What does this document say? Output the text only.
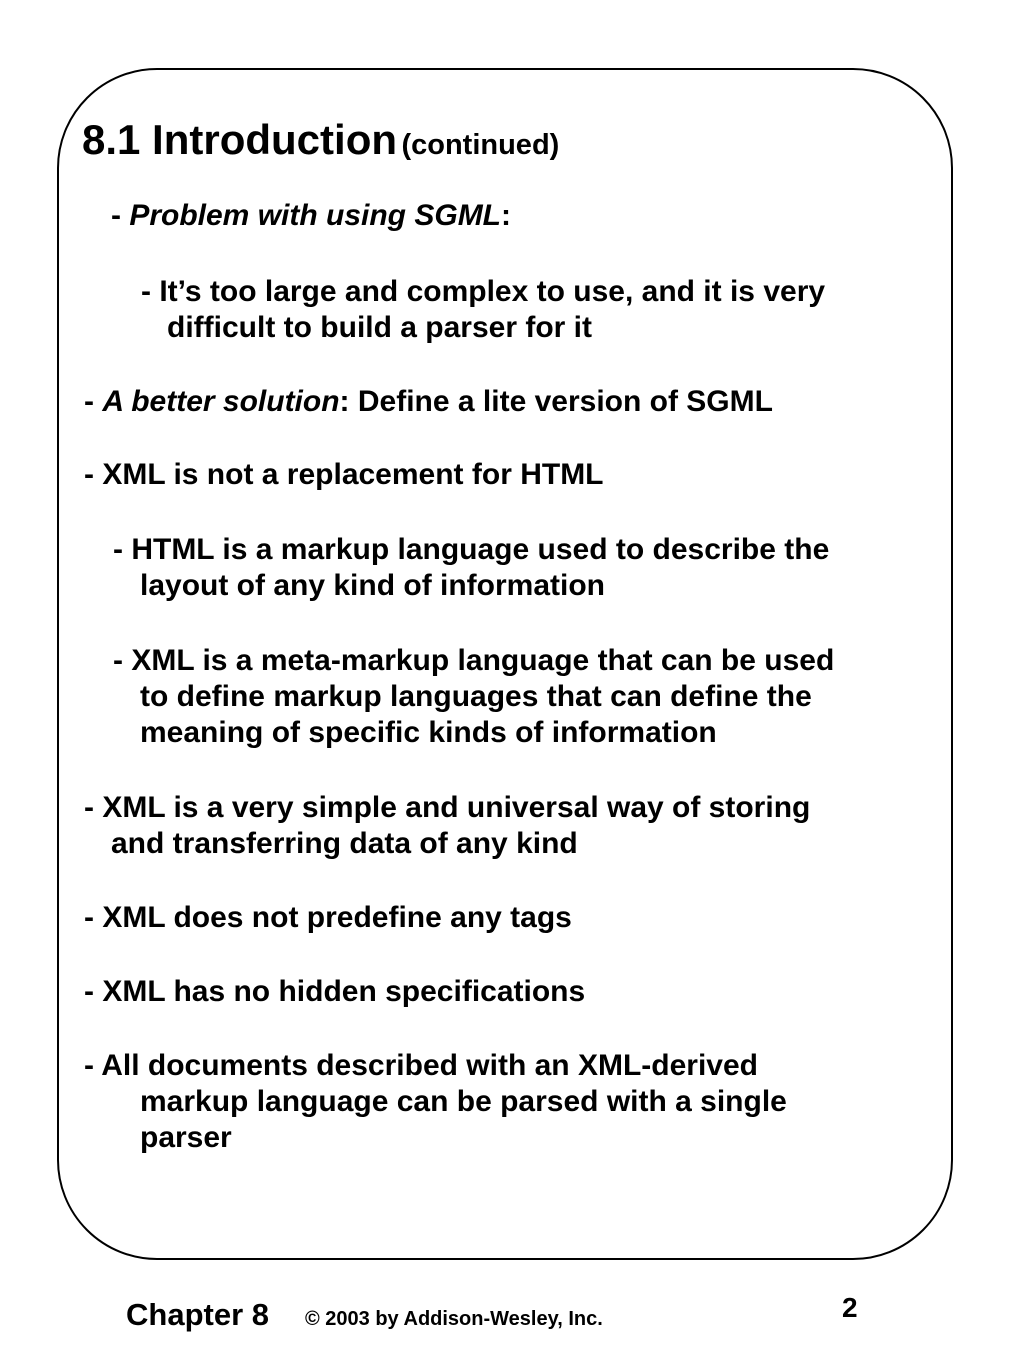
8.1 Introduction (continued)
- Problem with using SGML:
- It’s too large and complex to use, and it is very
difficult to build a parser for it
- A better solution: Define a lite version of SGML
- XML is not a replacement for HTML
- HTML is a markup language used to describe the
layout of any kind of information
- XML is a meta-markup language that can be used
to define markup languages that can define the
meaning of specific kinds of information
- XML is a very simple and universal way of storing
and transferring data of any kind
- XML does not predefine any tags
- XML has no hidden specifications
- All documents described with an XML-derived
markup language can be parsed with a single
parser
Chapter 8 © 2003 by Addison-Wesley, Inc.	2
